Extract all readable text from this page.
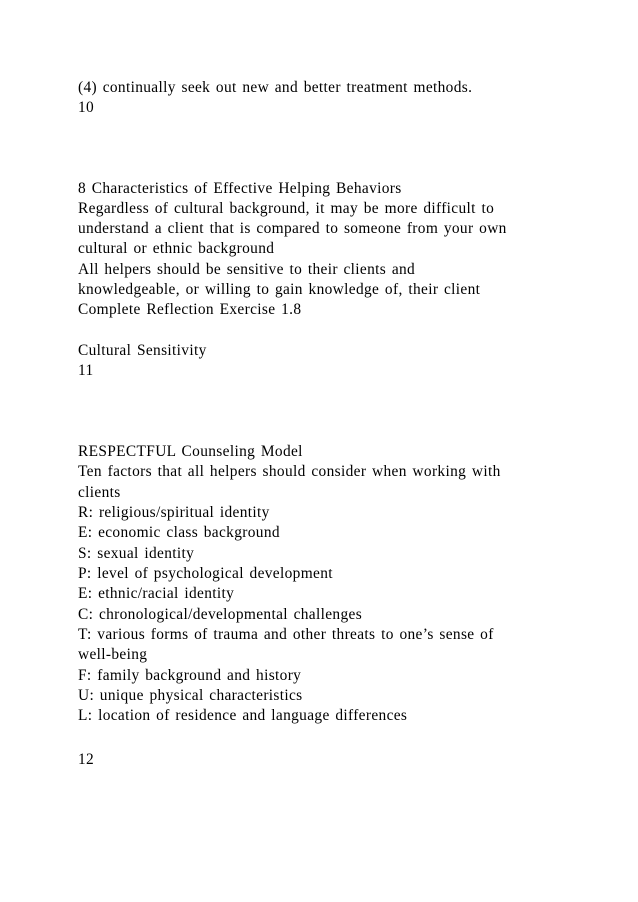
(4) continually seek out new and better treatment methods.
10
8 Characteristics of Effective Helping Behaviors
Regardless of cultural background, it may be more difficult to
understand a client that is compared to someone from your own
cultural or ethnic background
All helpers should be sensitive to their clients and
knowledgeable, or willing to gain knowledge of, their client
Complete Reflection Exercise 1.8
Cultural Sensitivity
11
RESPECTFUL Counseling Model
Ten factors that all helpers should consider when working with
clients
R: religious/spiritual identity
E: economic class background
S: sexual identity
P: level of psychological development
E: ethnic/racial identity
C: chronological/developmental challenges
T: various forms of trauma and other threats to one’s sense of
well-being
F: family background and history
U: unique physical characteristics
L: location of residence and language differences
12
